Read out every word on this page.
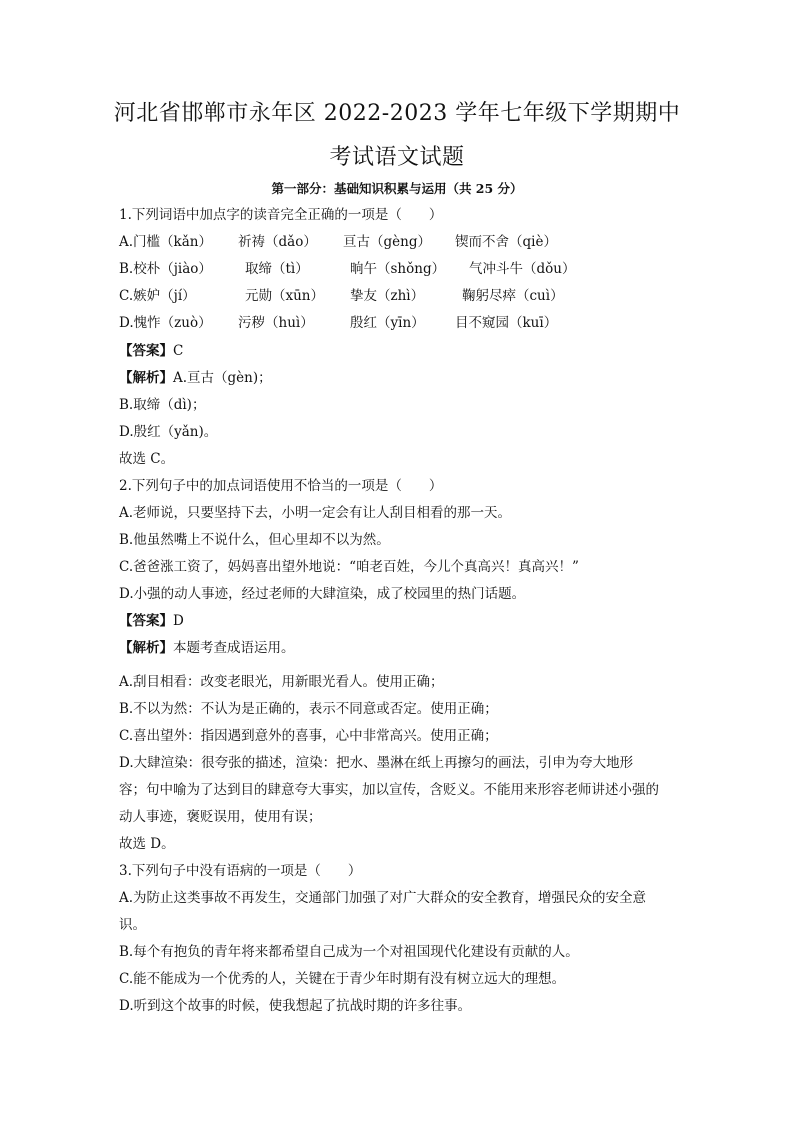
河北省邯郸市永年区 2022-2023 学年七年级下学期期中
考试语文试题
第一部分：基础知识积累与运用（共 25 分）
1.下列词语中加点字的读音完全正确的一项是（　　）
A.门槛（kǎn） 祈祷（dǎo） 亘古（gèng） 锲而不舍（qiè）
B.校朴（jiào） 取缔（tì）	晌午（shǒng） 气冲斗牛（dǒu）
C.嫉妒（jí）	元勋（xūn） 挚友（zhì）	鞠躬尽瘁（cuì）
D.愧怍（zuò） 污秽（huì）	殷红（yīn） 目不窥园（kuī）
【答案】C
【解析】A.亘古（gèn)；
B.取缔（dì)；
D.殷红（yǎn)。
故选 C。
2.下列句子中的加点词语使用不恰当的一项是（　　）
A.老师说，只要坚持下去，小明一定会有让人刮目相看的那一天。
B.他虽然嘴上不说什么，但心里却不以为然。
C.爸爸涨工资了，妈妈喜出望外地说：“咱老百姓，今儿个真高兴！真高兴！”
D.小强的动人事迹，经过老师的大肆渲染，成了校园里的热门话题。
【答案】D
【解析】本题考查成语运用。
A.刮目相看：改变老眼光，用新眼光看人。使用正确；
B.不以为然：不认为是正确的，表示不同意或否定。使用正确；
C.喜出望外：指因遇到意外的喜事，心中非常高兴。使用正确；
D.大肆渲染：很夸张的描述，渲染：把水、墨淋在纸上再擦匀的画法，引申为夸大地形
容；句中喻为了达到目的肆意夸大事实，加以宣传，含贬义。不能用来形容老师讲述小强的
动人事迹，褒贬误用，使用有误；
故选 D。
3.下列句子中没有语病的一项是（　　）
A.为防止这类事故不再发生，交通部门加强了对广大群众的安全教育，增强民众的安全意
识。
B.每个有抱负的青年将来都希望自己成为一个对祖国现代化建设有贡献的人。
C.能不能成为一个优秀的人，关键在于青少年时期有没有树立远大的理想。
D.听到这个故事的时候，使我想起了抗战时期的许多往事。
